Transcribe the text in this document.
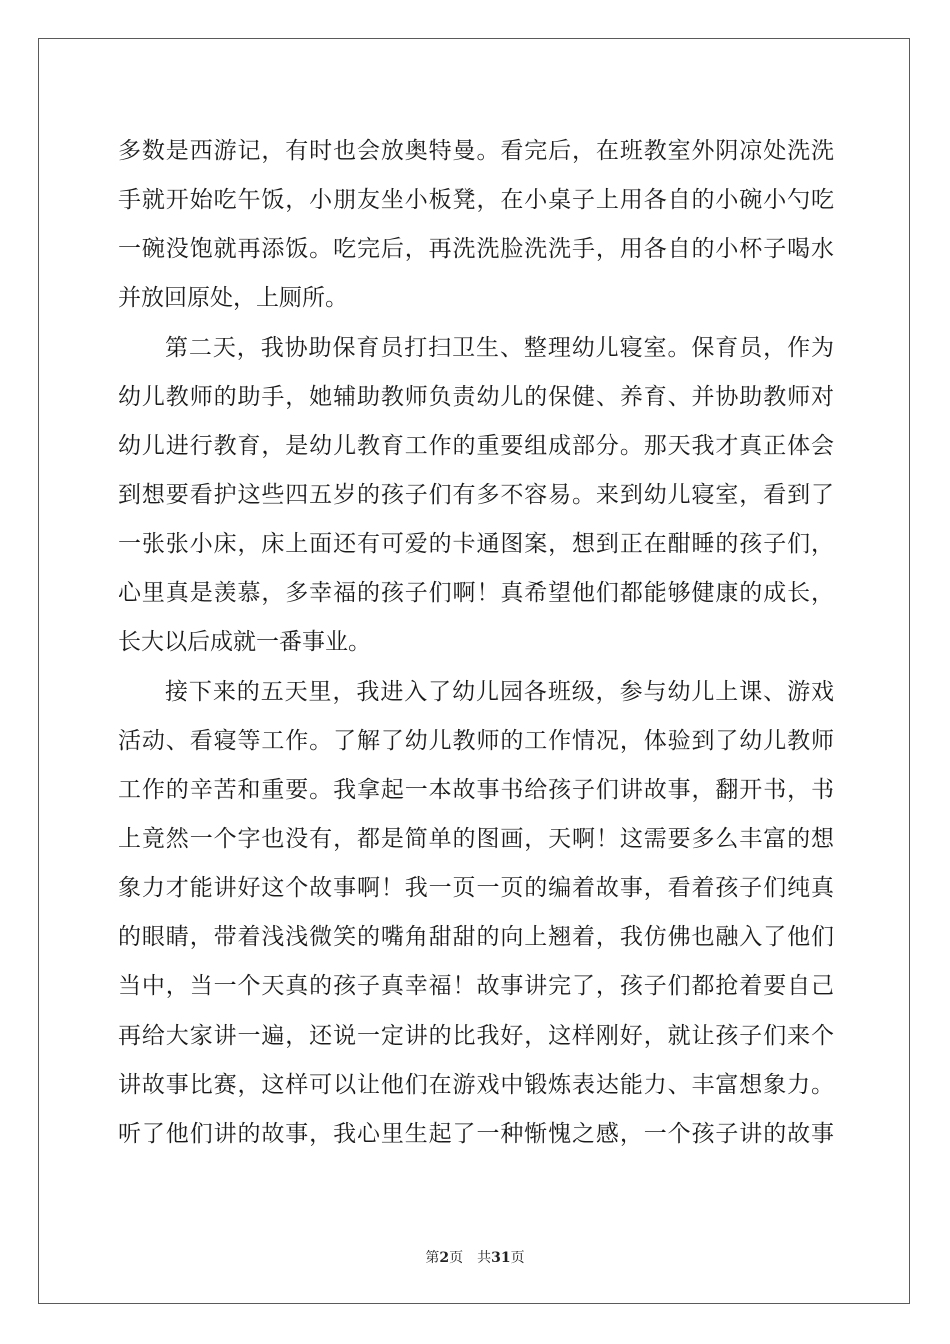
多数是西游记，有时也会放奥特曼。看完后，在班教室外阴凉处洗洗
手就开始吃午饭，小朋友坐小板凳，在小桌子上用各自的小碗小勺吃
一碗没饱就再添饭。吃完后，再洗洗脸洗洗手，用各自的小杯子喝水
并放回原处，上厕所。
第二天，我协助保育员打扫卫生、整理幼儿寝室。保育员，作为
幼儿教师的助手，她辅助教师负责幼儿的保健、养育、并协助教师对
幼儿进行教育，是幼儿教育工作的重要组成部分。那天我才真正体会
到想要看护这些四五岁的孩子们有多不容易。来到幼儿寝室，看到了
一张张小床，床上面还有可爱的卡通图案，想到正在酣睡的孩子们，
心里真是羡慕，多幸福的孩子们啊！真希望他们都能够健康的成长，
长大以后成就一番事业。
接下来的五天里，我进入了幼儿园各班级，参与幼儿上课、游戏
活动、看寝等工作。了解了幼儿教师的工作情况，体验到了幼儿教师
工作的辛苦和重要。我拿起一本故事书给孩子们讲故事，翻开书，书
上竟然一个字也没有，都是简单的图画，天啊！这需要多么丰富的想
象力才能讲好这个故事啊！我一页一页的编着故事，看着孩子们纯真
的眼睛，带着浅浅微笑的嘴角甜甜的向上翘着，我仿佛也融入了他们
当中，当一个天真的孩子真幸福！故事讲完了，孩子们都抢着要自己
再给大家讲一遍，还说一定讲的比我好，这样刚好，就让孩子们来个
讲故事比赛，这样可以让他们在游戏中锻炼表达能力、丰富想象力。
听了他们讲的故事，我心里生起了一种惭愧之感，一个孩子讲的故事
第2页 共31页
